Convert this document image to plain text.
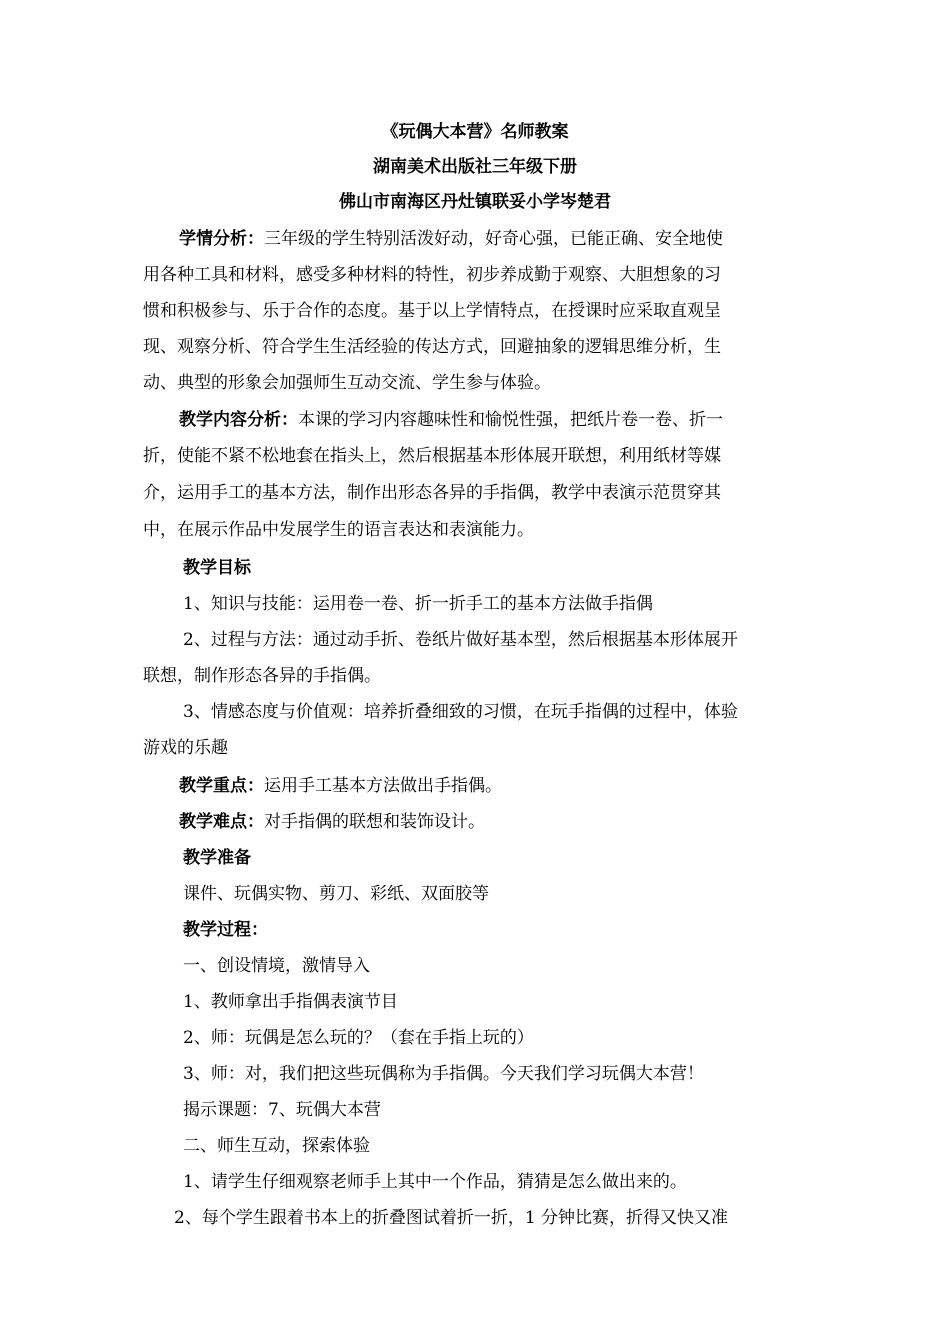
《玩偶大本营》名师教案
湖南美术出版社三年级下册
佛山市南海区丹灶镇联妥小学岑楚君
学情分析：三年级的学生特别活泼好动，好奇心强，已能正确、安全地使
用各种工具和材料，感受多种材料的特性，初步养成勤于观察、大胆想象的习
惯和积极参与、乐于合作的态度。基于以上学情特点，在授课时应采取直观呈
现、观察分析、符合学生生活经验的传达方式，回避抽象的逻辑思维分析，生
动、典型的形象会加强师生互动交流、学生参与体验。
教学内容分析：本课的学习内容趣味性和愉悦性强，把纸片卷一卷、折一
折，使能不紧不松地套在指头上，然后根据基本形体展开联想，利用纸材等媒
介，运用手工的基本方法，制作出形态各异的手指偶，教学中表演示范贯穿其
中，在展示作品中发展学生的语言表达和表演能力。
教学目标
1、知识与技能：运用卷一卷、折一折手工的基本方法做手指偶
2、过程与方法：通过动手折、卷纸片做好基本型，然后根据基本形体展开
联想，制作形态各异的手指偶。
3、情感态度与价值观：培养折叠细致的习惯，在玩手指偶的过程中，体验
游戏的乐趣
教学重点：运用手工基本方法做出手指偶。
教学难点：对手指偶的联想和装饰设计。
教学准备
课件、玩偶实物、剪刀、彩纸、双面胶等
教学过程：
一、创设情境，激情导入
1、教师拿出手指偶表演节目
2、师：玩偶是怎么玩的？（套在手指上玩的）
3、师：对，我们把这些玩偶称为手指偶。今天我们学习玩偶大本营！
揭示课题：7、玩偶大本营
二、师生互动，探索体验
1、请学生仔细观察老师手上其中一个作品，猜猜是怎么做出来的。
2、每个学生跟着书本上的折叠图试着折一折，1 分钟比赛，折得又快又准
